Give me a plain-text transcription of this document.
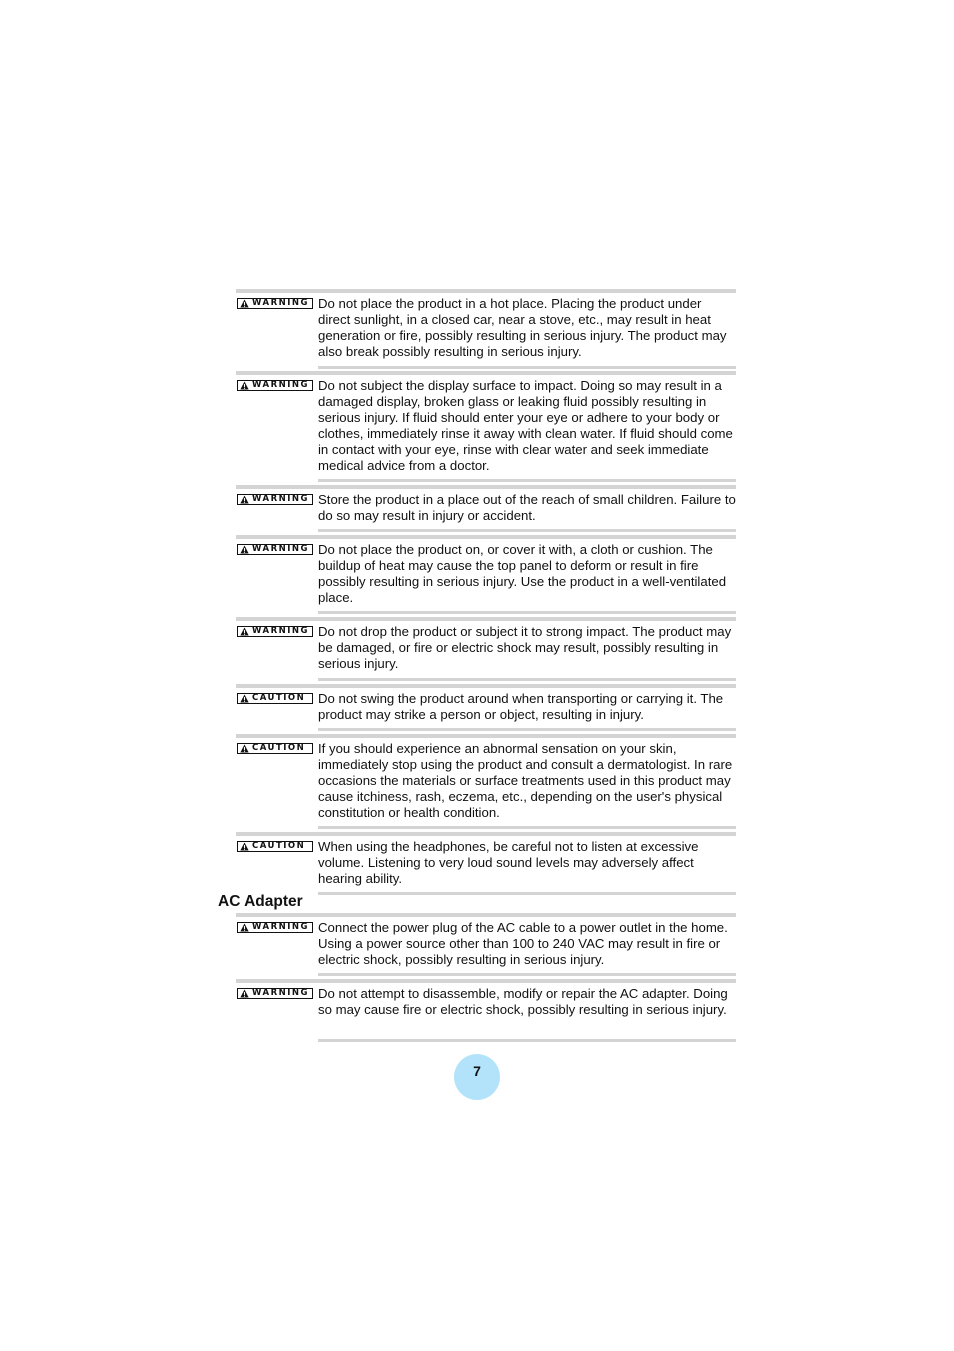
WARNING Do not place the product in a hot place. Placing the product under direct sunlight, in a closed car, near a stove, etc., may result in heat generation or fire, possibly resulting in serious injury. The product may also break possibly resulting in serious injury.
WARNING Do not subject the display surface to impact. Doing so may result in a damaged display, broken glass or leaking fluid possibly resulting in serious injury. If fluid should enter your eye or adhere to your body or clothes, immediately rinse it away with clean water. If fluid should come in contact with your eye, rinse with clear water and seek immediate medical advice from a doctor.
WARNING Store the product in a place out of the reach of small children. Failure to do so may result in injury or accident.
WARNING Do not place the product on, or cover it with, a cloth or cushion. The buildup of heat may cause the top panel to deform or result in fire possibly resulting in serious injury. Use the product in a well-ventilated place.
WARNING Do not drop the product or subject it to strong impact. The product may be damaged, or fire or electric shock may result, possibly resulting in serious injury.
CAUTION Do not swing the product around when transporting or carrying it. The product may strike a person or object, resulting in injury.
CAUTION If you should experience an abnormal sensation on your skin, immediately stop using the product and consult a dermatologist. In rare occasions the materials or surface treatments used in this product may cause itchiness, rash, eczema, etc., depending on the user's physical constitution or health condition.
CAUTION When using the headphones, be careful not to listen at excessive volume. Listening to very loud sound levels may adversely affect hearing ability.
AC Adapter
WARNING Connect the power plug of the AC cable to a power outlet in the home. Using a power source other than 100 to 240 VAC may result in fire or electric shock, possibly resulting in serious injury.
WARNING Do not attempt to disassemble, modify or repair the AC adapter. Doing so may cause fire or electric shock, possibly resulting in serious injury.
7
